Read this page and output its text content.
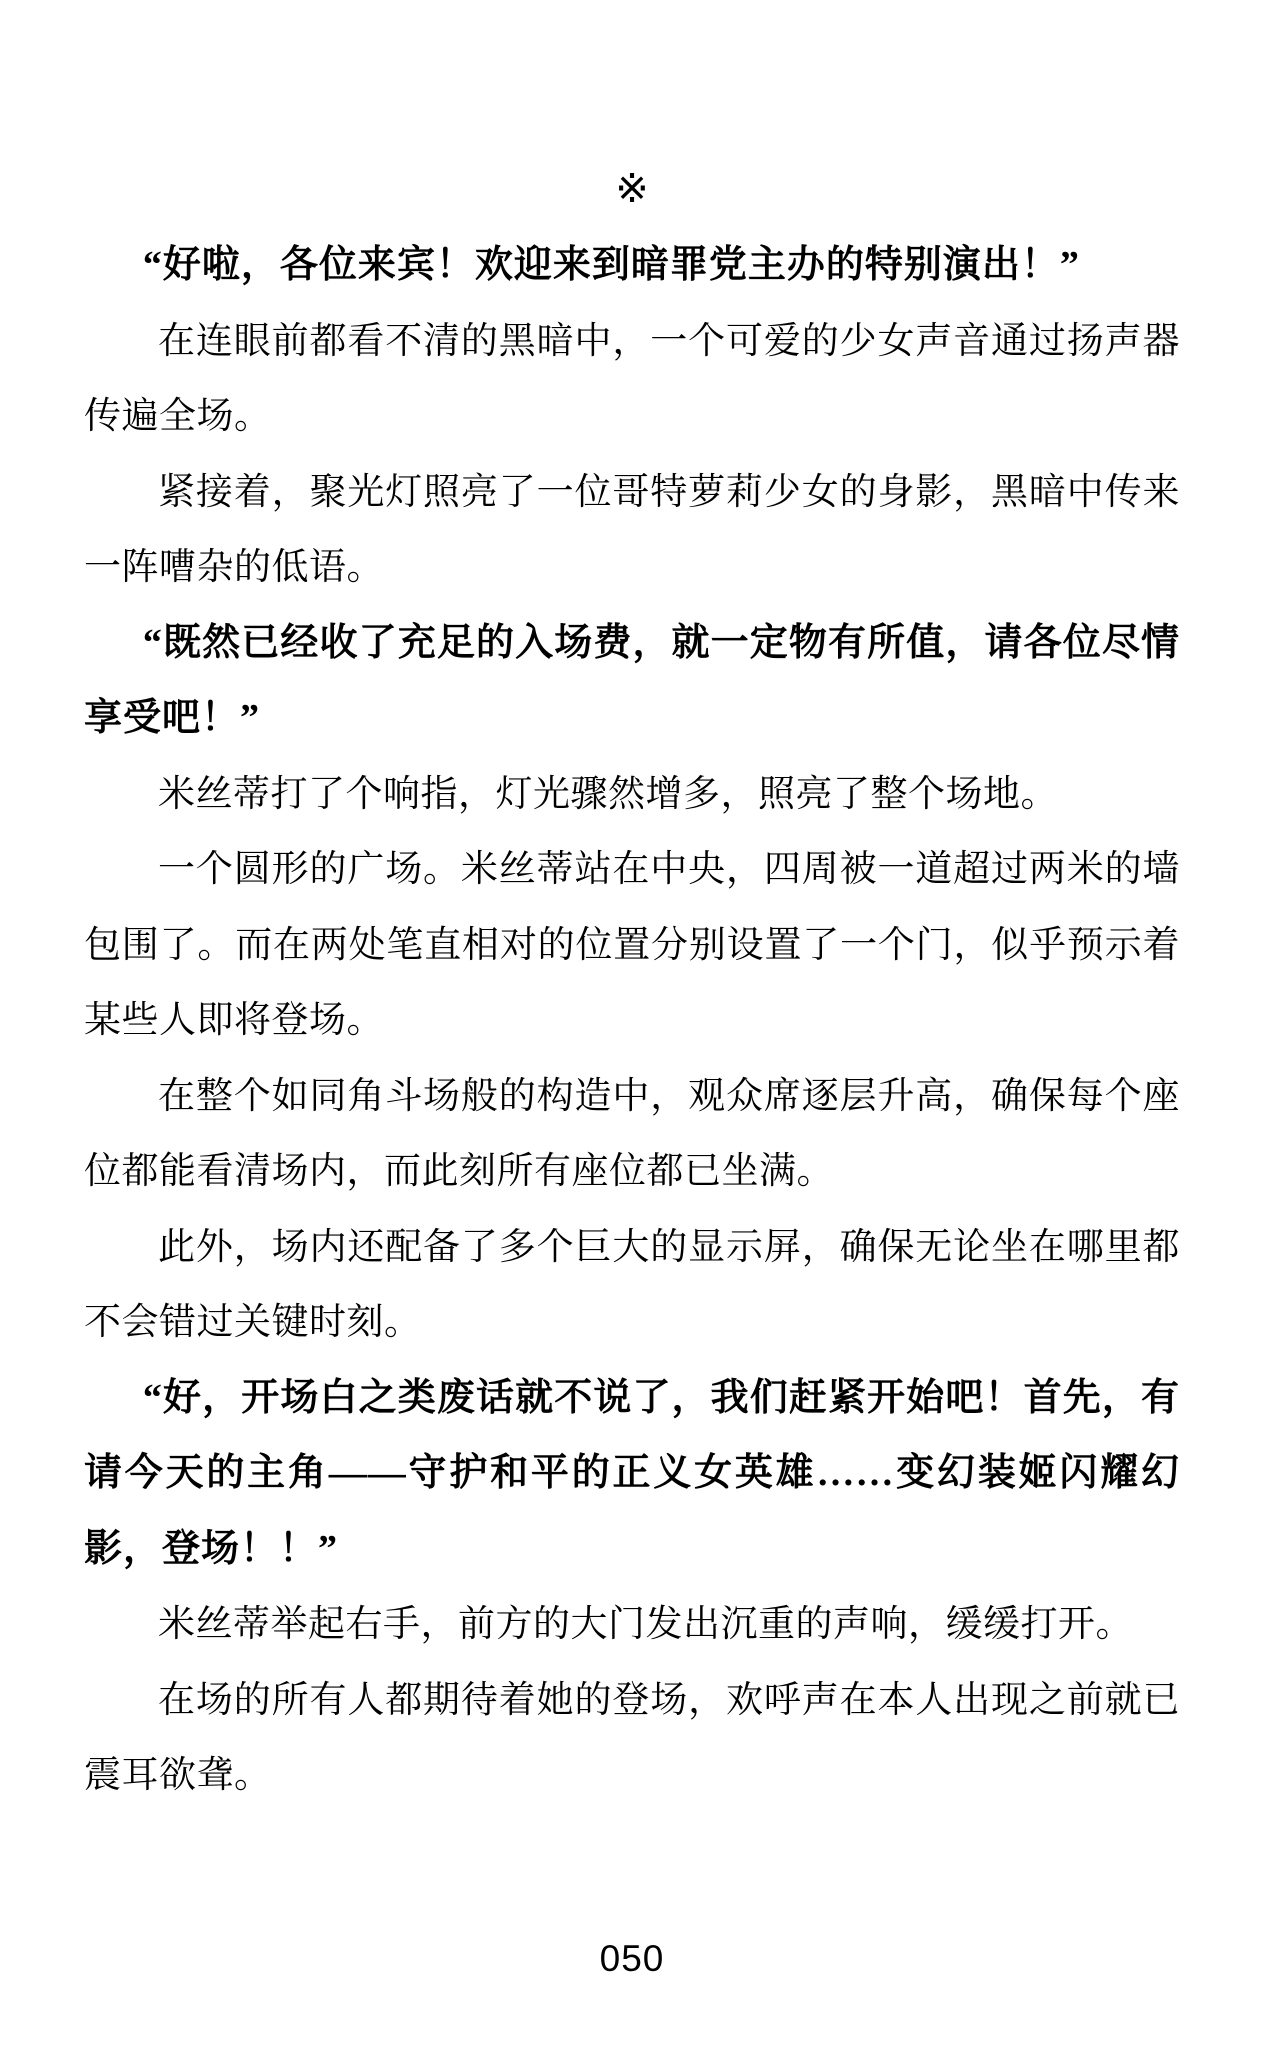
※

“好啦，各位来宾！欢迎来到暗罪党主办的特别演出！”

在连眼前都看不清的黑暗中，一个可爱的少女声音通过扬声器传遍全场。

紧接着，聚光灯照亮了一位哥特萝莉少女的身影，黑暗中传来一阵嘈杂的低语。

“既然已经收了充足的入场费，就一定物有所值，请各位尽情享受吧！”

米丝蒂打了个响指，灯光骤然增多，照亮了整个场地。

一个圆形的广场。米丝蒂站在中央，四周被一道超过两米的墙包围了。而在两处笔直相对的位置分别设置了一个门，似乎预示着某些人即将登场。

在整个如同角斗场般的构造中，观众席逐层升高，确保每个座位都能看清场内，而此刻所有座位都已坐满。

此外，场内还配备了多个巨大的显示屏，确保无论坐在哪里都不会错过关键时刻。

“好，开场白之类废话就不说了，我们赶紧开始吧！首先，有请今天的主角——守护和平的正义女英雄……变幻装姬闪耀幻影，登场！！”

米丝蒂举起右手，前方的大门发出沉重的声响，缓缓打开。

在场的所有人都期待着她的登场，欢呼声在本人出现之前就已震耳欲聋。

050
